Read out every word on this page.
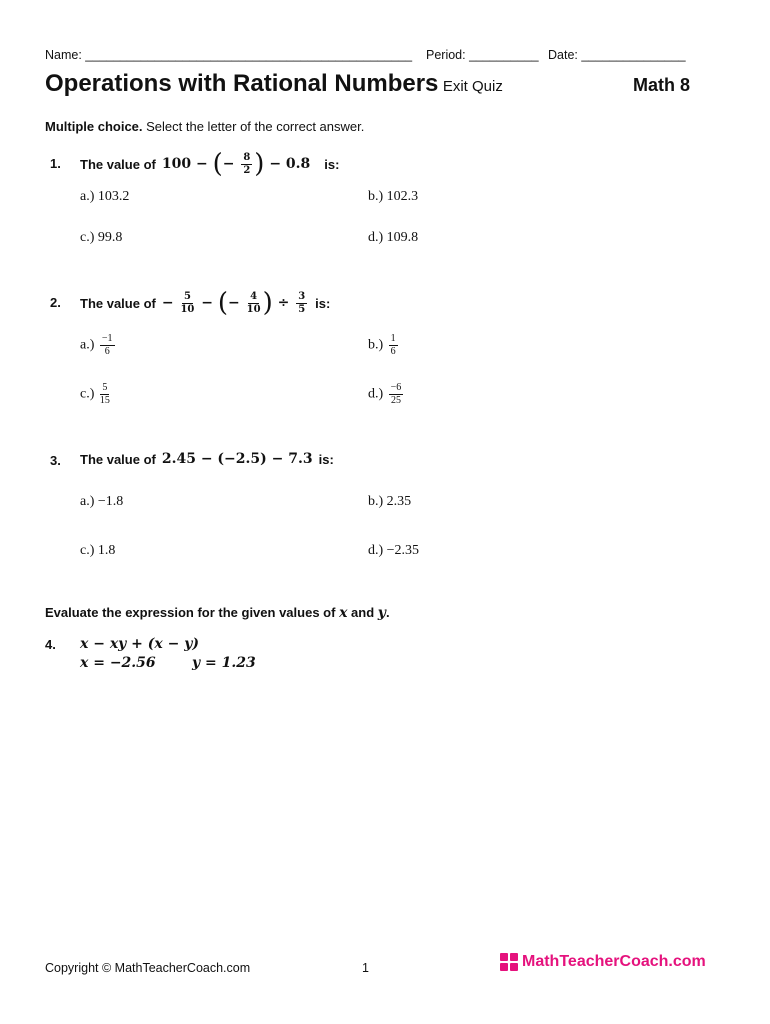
Name: _______________________________________________ Period: __________ Date: _______________
Operations with Rational Numbers Exit Quiz	Math 8
Multiple choice. Select the letter of the correct answer.
1. The value of 100 − (− $\frac{8}{2}$ ) − 0.8 is:
a.) 103.2	b.) 102.3
c.) 99.8	d.) 109.8
2. The value of − $\frac{5}{10}$ − (− $\frac{4}{10}$ ) ÷ $\frac{3}{5}$ is:
$a.) \frac{-1}{6}$	$b.) \frac{1}{6}$
$c.) \frac{5}{15}$	$d.) \frac{-6}{25}$
3. The value of 2.45 − (−2.5) − 7.3 is:
a.) −1.8	b.) 2.35
c.) 1.8	d.) −2.35
Evaluate the expression for the given values of x and y.
4. x − xy + (x − y)
x = −2.56	y = 1.23
Copyright © MathTeacherCoach.com	1	MathTeacherCoach.com
